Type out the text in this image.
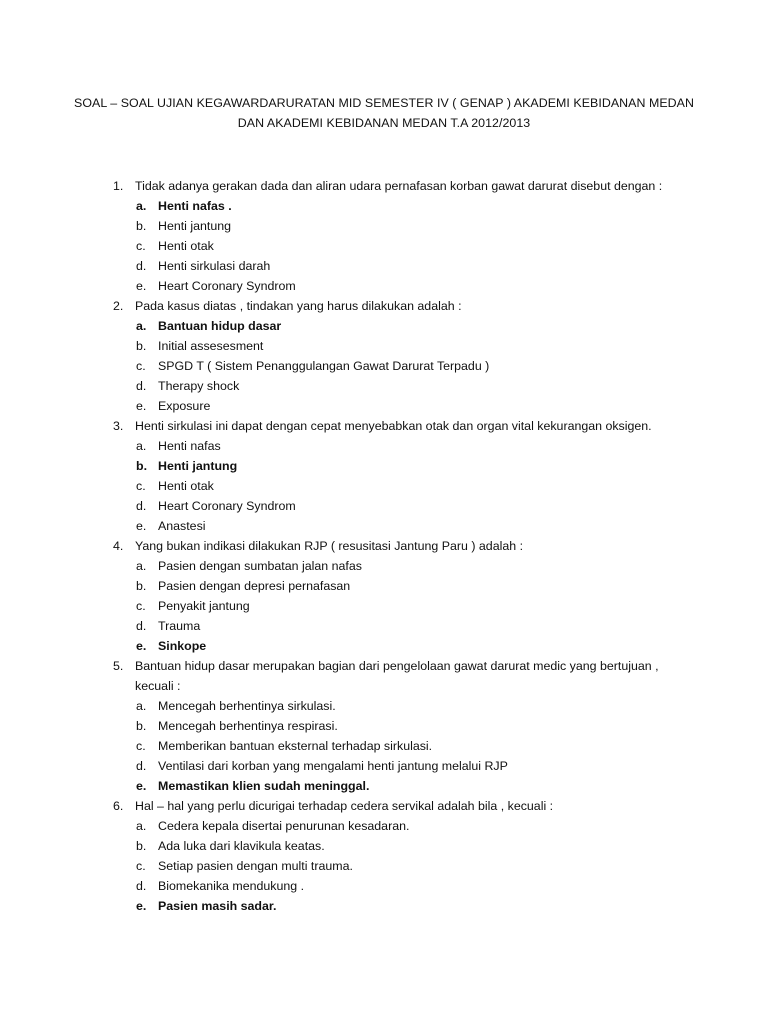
SOAL – SOAL UJIAN KEGAWARDARURATAN MID SEMESTER IV ( GENAP ) AKADEMI KEBIDANAN MEDAN
DAN AKADEMI KEBIDANAN MEDAN T.A 2012/2013
1. Tidak adanya gerakan dada dan aliran udara pernafasan korban gawat darurat disebut dengan :
a. Henti nafas .
b. Henti jantung
c. Henti otak
d. Henti sirkulasi darah
e. Heart Coronary Syndrom
2. Pada kasus diatas , tindakan yang harus dilakukan adalah :
a. Bantuan hidup dasar
b. Initial assesesment
c. SPGD T ( Sistem Penanggulangan Gawat Darurat Terpadu )
d. Therapy shock
e. Exposure
3. Henti sirkulasi ini dapat dengan cepat menyebabkan otak dan organ vital kekurangan oksigen.
a. Henti nafas
b. Henti jantung
c. Henti otak
d. Heart Coronary Syndrom
e. Anastesi
4. Yang bukan indikasi dilakukan RJP ( resusitasi Jantung Paru ) adalah :
a. Pasien dengan sumbatan jalan nafas
b. Pasien dengan depresi pernafasan
c. Penyakit jantung
d. Trauma
e. Sinkope
5. Bantuan hidup dasar merupakan bagian dari pengelolaan gawat darurat medic yang bertujuan , kecuali :
a. Mencegah berhentinya sirkulasi.
b. Mencegah berhentinya respirasi.
c. Memberikan bantuan eksternal terhadap sirkulasi.
d. Ventilasi dari korban yang mengalami henti jantung melalui RJP
e. Memastikan klien sudah meninggal.
6. Hal – hal yang perlu dicurigai terhadap cedera servikal adalah bila , kecuali :
a. Cedera kepala disertai penurunan kesadaran.
b. Ada luka dari klavikula keatas.
c. Setiap pasien dengan multi trauma.
d. Biomekanika mendukung .
e. Pasien masih sadar.
